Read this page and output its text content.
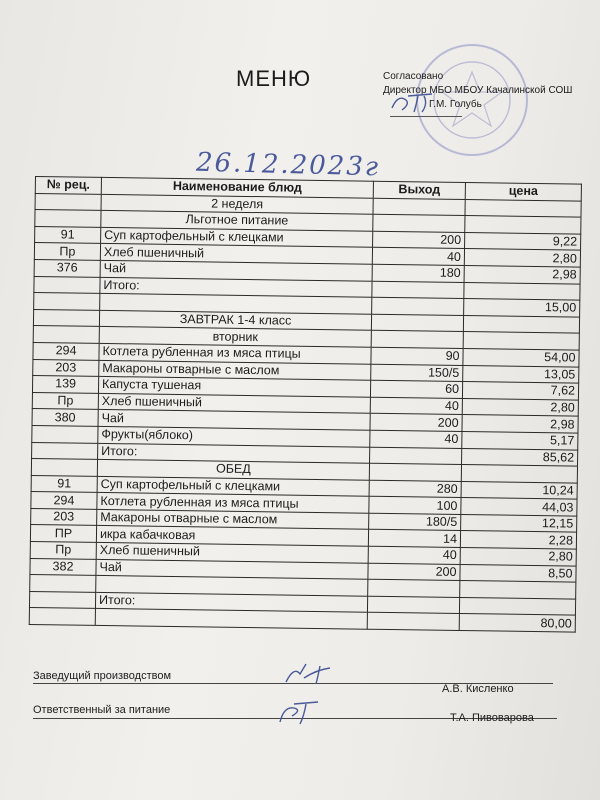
МЕНЮ	Согласовано
Директор МБО МБОУ Качалинской СОШ
Г.М. Голубь
26.12.2023г
№ рец.	Наименование блюд	Выход	цена
	2 неделя		
	Льготное питание		
91	Суп картофельный с клецками	200	9,22
Пр	Хлеб пшеничный	40	2,80
376	Чай	180	2,98
	Итого:		
			15,00
	ЗАВТРАК 1-4 класс		
	вторник		
294	Котлета рубленная из мяса птицы	90	54,00
203	Макароны отварные с маслом	150/5	13,05
139	Капуста тушеная	60	7,62
Пр	Хлеб пшеничный	40	2,80
380	Чай	200	2,98
	Фрукты(яблоко)	40	5,17
	Итого:		85,62
	ОБЕД		
91	Суп картофельный с клецками	280	10,24
294	Котлета рубленная из мяса птицы	100	44,03
203	Макароны отварные с маслом	180/5	12,15
ПР	икра кабачковая	14	2,28
Пр	Хлеб пшеничный	40	2,80
382	Чай	200	8,50

	Итого:		
			80,00
Заведущий производством
А.В. Кисленко
Ответственный за питание
Т.А. Пивоварова
